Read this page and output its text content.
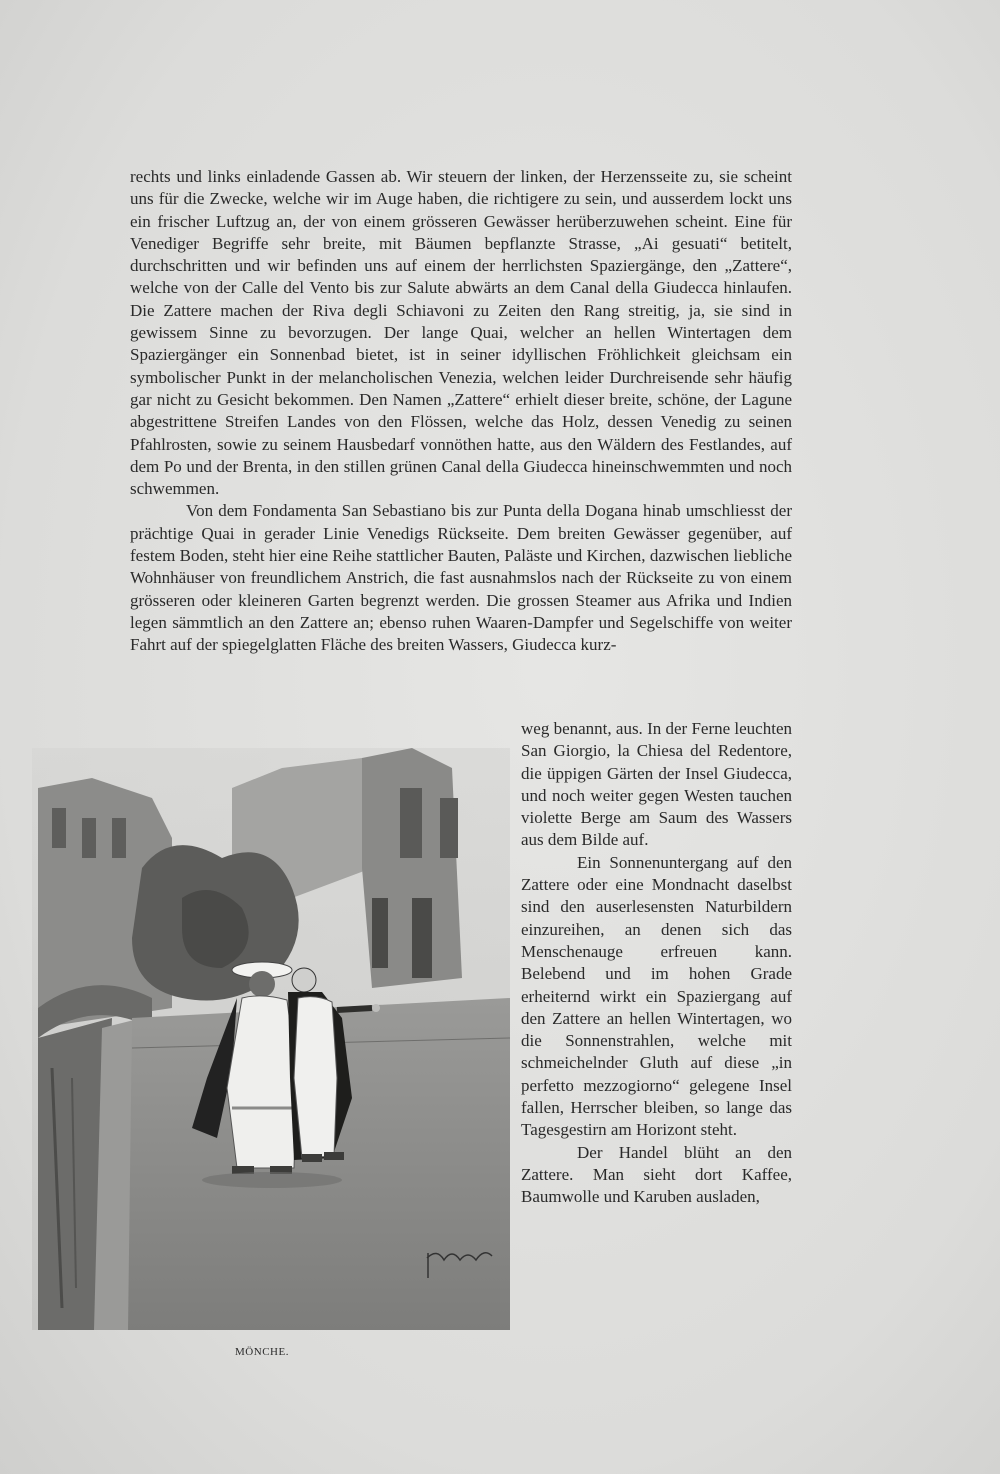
rechts und links einladende Gassen ab. Wir steuern der linken, der Herzensseite zu, sie scheint uns für die Zwecke, welche wir im Auge haben, die richtigere zu sein, und ausserdem lockt uns ein frischer Luftzug an, der von einem grösseren Gewässer herüberzuwehen scheint. Eine für Venediger Begriffe sehr breite, mit Bäumen bepflanzte Strasse, „Ai gesuati“ betitelt, durchschritten und wir befinden uns auf einem der herrlichsten Spaziergänge, den „Zattere“, welche von der Calle del Vento bis zur Salute abwärts an dem Canal della Giudecca hinlaufen. Die Zattere machen der Riva degli Schiavoni zu Zeiten den Rang streitig, ja, sie sind in gewissem Sinne zu bevorzugen. Der lange Quai, welcher an hellen Wintertagen dem Spaziergänger ein Sonnenbad bietet, ist in seiner idyllischen Fröhlichkeit gleichsam ein symbolischer Punkt in der melancholischen Venezia, welchen leider Durchreisende sehr häufig gar nicht zu Gesicht bekommen. Den Namen „Zattere“ erhielt dieser breite, schöne, der Lagune abgestrittene Streifen Landes von den Flössen, welche das Holz, dessen Venedig zu seinen Pfahlrosten, sowie zu seinem Hausbedarf vonnöthen hatte, aus den Wäldern des Festlandes, auf dem Po und der Brenta, in den stillen grünen Canal della Giudecca hineinschwemmten und noch schwemmen.

Von dem Fondamenta San Sebastiano bis zur Punta della Dogana hinab umschliesst der prächtige Quai in gerader Linie Venedigs Rückseite. Dem breiten Gewässer gegenüber, auf festem Boden, steht hier eine Reihe stattlicher Bauten, Paläste und Kirchen, dazwischen liebliche Wohnhäuser von freundlichem Anstrich, die fast ausnahmslos nach der Rückseite zu von einem grösseren oder kleineren Garten begrenzt werden. Die grossen Steamer aus Afrika und Indien legen sämmtlich an den Zattere an; ebenso ruhen Waaren-Dampfer und Segelschiffe von weiter Fahrt auf der spiegelglatten Fläche des breiten Wassers, Giudecca kurz-

weg benannt, aus. In der Ferne leuchten San Giorgio, la Chiesa del Redentore, die üppigen Gärten der Insel Giudecca, und noch weiter gegen Westen tauchen violette Berge am Saum des Wassers aus dem Bilde auf.

Ein Sonnenuntergang auf den Zattere oder eine Mondnacht daselbst sind den auserlesensten Naturbildern einzureihen, an denen sich das Menschenauge erfreuen kann. Belebend und im hohen Grade erheiternd wirkt ein Spaziergang auf den Zattere an hellen Wintertagen, wo die Sonnenstrahlen, welche mit schmeichelnder Gluth auf diese „in perfetto mezzogiorno“ gelegene Insel fallen, Herrscher bleiben, so lange das Tagesgestirn am Horizont steht.

Der Handel blüht an den Zattere. Man sieht dort Kaffee, Baumwolle und Karuben ausladen,

MÖNCHE.
